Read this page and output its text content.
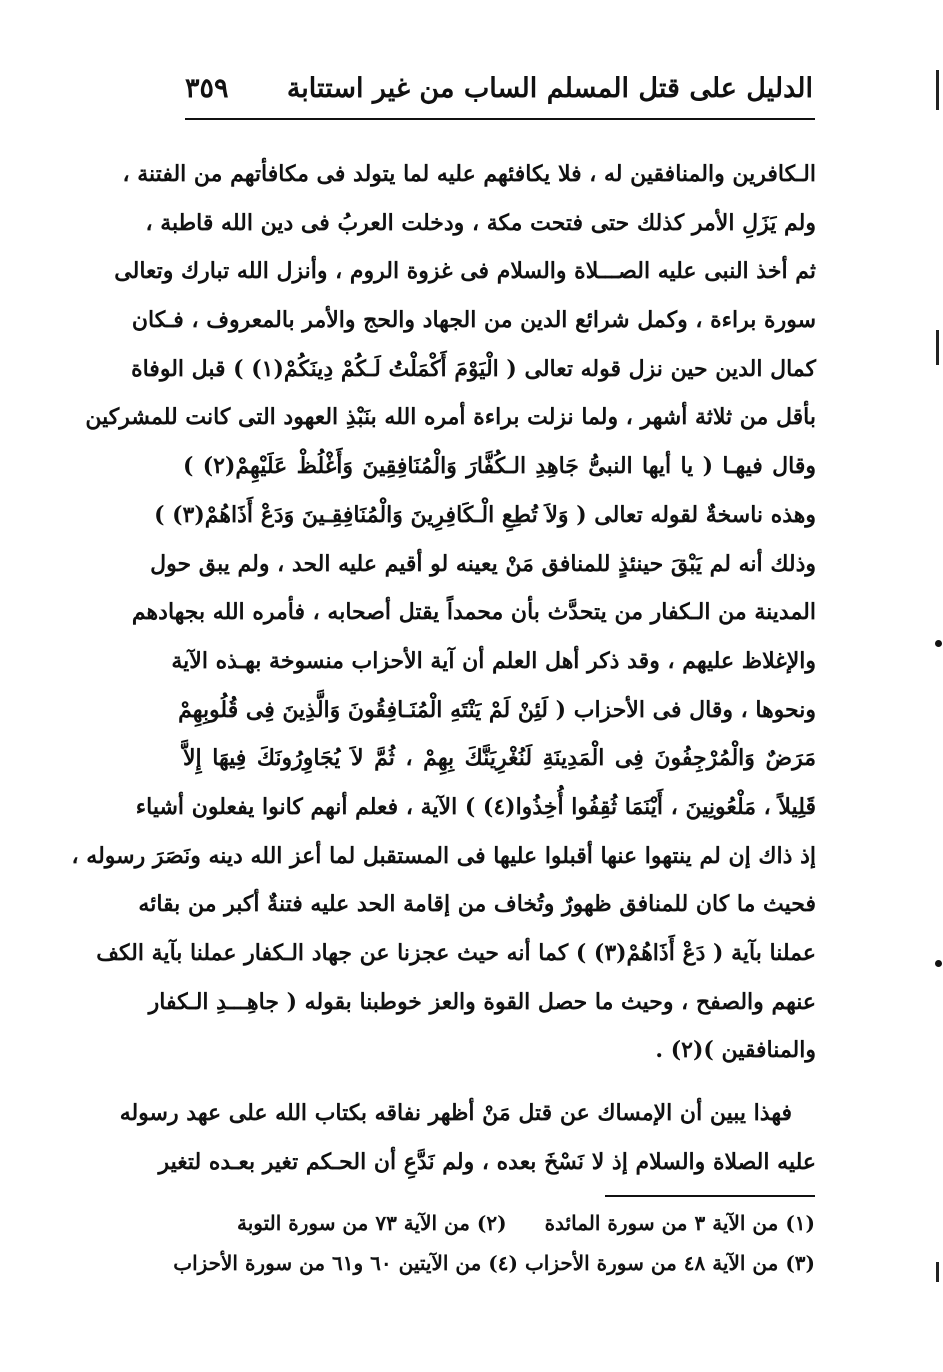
الدليل على قتل المسلم الساب من غير استتابة
٣٥٩
الـكافرين والمنافقين له ، فلا يكافئهم عليه لما يتولد فى مكافأتهم من الفتنة ،
ولم يَزَلِ الأمر كذلك حتى فتحت مكة ، ودخلت العربُ فى دين الله قاطبة ،
ثم أخذ النبى عليه الصـــلاة والسلام فى غزوة الروم ، وأنزل الله تبارك وتعالى
سورة براءة ، وكمل شرائع الدين من الجهاد والحج والأمر بالمعروف ، فـكان
كمال الدين حين نزل قوله تعالى ( الْيَوْمَ أَكْمَلْتُ لَـكُمْ دِينَكُمْ(١) ) قبل الوفاة
بأقل من ثلاثة أشهر ، ولما نزلت براءة أمره الله بنَبْذِ العهود التى كانت للمشركين
وقال فيهـا ( يا أيها النبىُّ جَاهِدِ الـكُفَّارَ وَالْمُنَافِقِينَ وَأَغْلُظْ عَلَيْهِمْ(٢) )
وهذه ناسخةٌ لقوله تعالى ( وَلاَ تُطِعِ الْـكَافِرِينَ وَالْمُنَافِقِـينَ وَدَعْ أَذَاهُمْ(٣) )
وذلك أنه لم يَبْقَ حينئذٍ للمنافق مَنْ يعينه لو أقيم عليه الحد ، ولم يبق حول
المدينة من الـكفار من يتحدَّث بأن محمداً يقتل أصحابه ، فأمره الله بجهادهم
والإغلاظ عليهم ، وقد ذكر أهل العلم أن آية الأحزاب منسوخة بهـذه الآية
ونحوها ، وقال فى الأحزاب ( لَئِنْ لَمْ يَنْتَهِ الْمُنَـافِقُونَ وَالَّذِينَ فِى قُلُوبِهِمْ
مَرَضٌ وَالْمُرْجِفُونَ فِى الْمَدِينَةِ لَنُغْرِيَنَّكَ بِهِمْ ، ثُمَّ لاَ يُجَاوِرُونَكَ فِيهَا إِلاَّ
قَلِيلاً ، مَلْعُونِينَ ، أَيْنَمَا ثُقِفُوا أُخِذُوا(٤) ) الآية ، فعلم أنهم كانوا يفعلون أشياء
إذ ذاك إن لم ينتهوا عنها أقبلوا عليها فى المستقبل لما أعز الله دينه ونَصَرَ رسوله ،
فحيث ما كان للمنافق ظهورٌ وتُخاف من إقامة الحد عليه فتنةٌ أكبر من بقائه
عملنا بآية ( دَعْ أَذَاهُمْ(٣) ) كما أنه حيث عجزنا عن جهاد الـكفار عملنا بآية الكف
عنهم والصفح ، وحيث ما حصل القوة والعز خوطبنا بقوله ( جاهِـــدِ الـكفار
والمنافقين )(٢) .
فهذا يبين أن الإمساك عن قتل مَنْ أظهر نفاقه بكتاب الله على عهد رسوله
عليه الصلاة والسلام إذ لا نَسْخَ بعده ، ولم نَدَّعِ أن الحـكم تغير بعـده لتغير
(١) من الآية ٣ من سورة المائدة
(٢) من الآية ٧٣ من سورة التوبة
(٣) من الآية ٤٨ من سورة الأحزاب (٤) من الآيتين ٦٠ و٦١ من سورة الأحزاب
